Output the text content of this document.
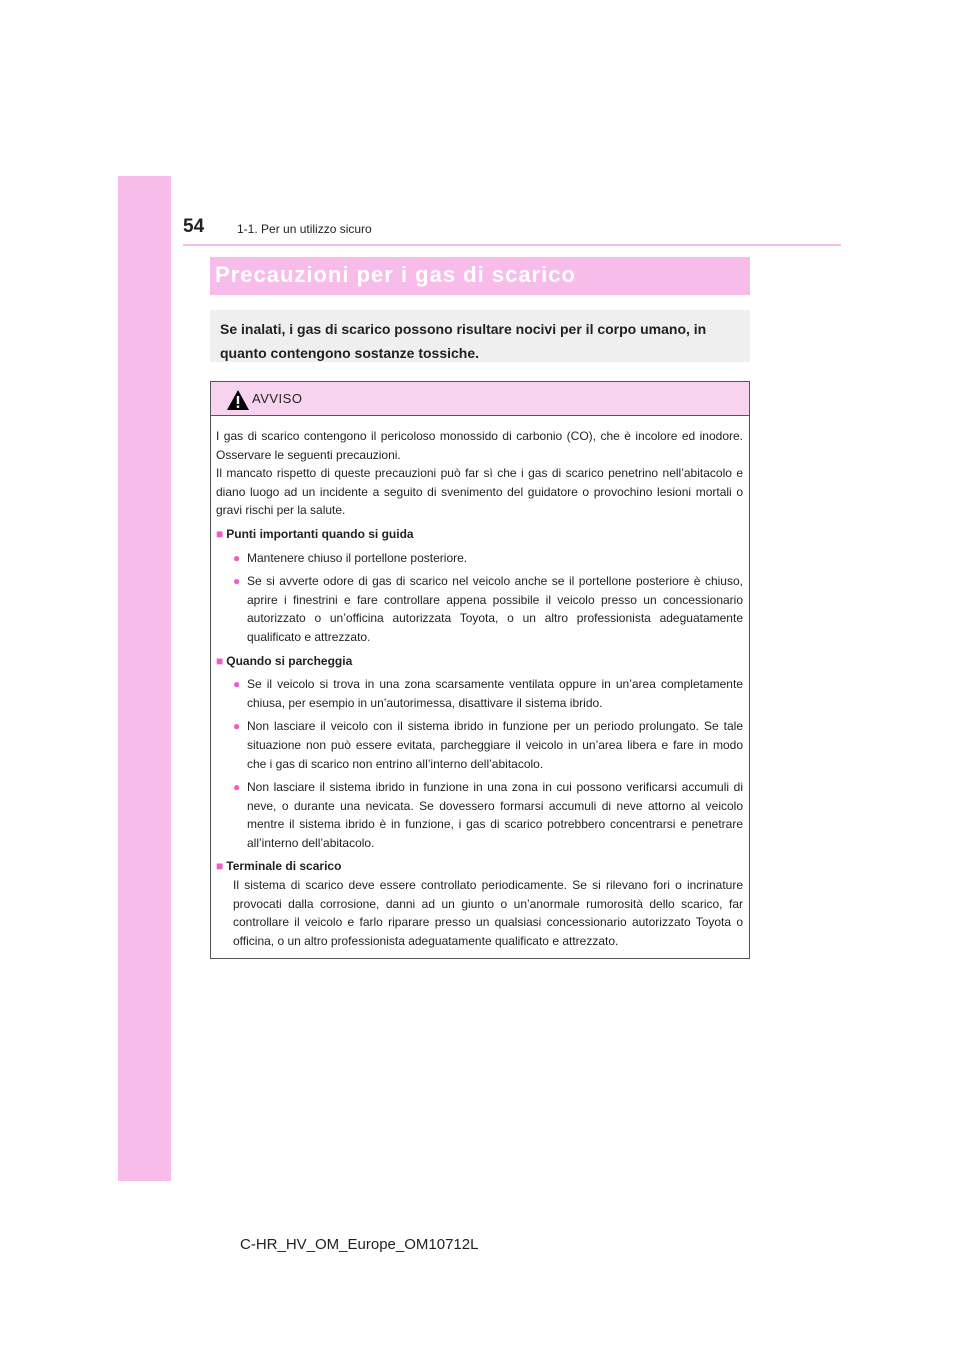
54	1-1. Per un utilizzo sicuro
Precauzioni per i gas di scarico
Se inalati, i gas di scarico possono risultare nocivi per il corpo umano, in quanto contengono sostanze tossiche.
AVVISO

I gas di scarico contengono il pericoloso monossido di carbonio (CO), che è incolore ed inodore. Osservare le seguenti precauzioni.

Il mancato rispetto di queste precauzioni può far sì che i gas di scarico penetrino nell’abitacolo e diano luogo ad un incidente a seguito di svenimento del guidatore o provochino lesioni mortali o gravi rischi per la salute.

■ Punti importanti quando si guida
● Mantenere chiuso il portellone posteriore.

● Se si avverte odore di gas di scarico nel veicolo anche se il portellone posteriore è chiuso, aprire i finestrini e fare controllare appena possibile il veicolo presso un concessionario autorizzato o un’officina autorizzata Toyota, o un altro professionista adeguatamente qualificato e attrezzato.

■ Quando si parcheggia
● Se il veicolo si trova in una zona scarsamente ventilata oppure in un’area completamente chiusa, per esempio in un’autorimessa, disattivare il sistema ibrido.

● Non lasciare il veicolo con il sistema ibrido in funzione per un periodo prolungato. Se tale situazione non può essere evitata, parcheggiare il veicolo in un’area libera e fare in modo che i gas di scarico non entrino all’interno dell’abitacolo.

● Non lasciare il sistema ibrido in funzione in una zona in cui possono verificarsi accumuli di neve, o durante una nevicata. Se dovessero formarsi accumuli di neve attorno al veicolo mentre il sistema ibrido è in funzione, i gas di scarico potrebbero concentrarsi e penetrare all’interno dell’abitacolo.

■ Terminale di scarico

Il sistema di scarico deve essere controllato periodicamente. Se si rilevano fori o incrinature provocati dalla corrosione, danni ad un giunto o un’anormale rumorosità dello scarico, far controllare il veicolo e farlo riparare presso un qualsiasi concessionario autorizzato Toyota o officina, o un altro professionista adeguatamente qualificato e attrezzato.

C-HR_HV_OM_Europe_OM10712L
